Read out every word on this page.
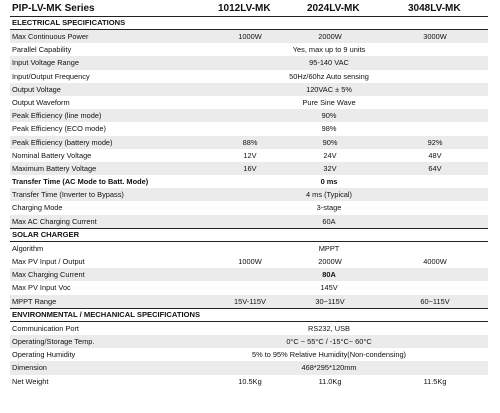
PIP-LV-MK Series	1012LV-MK	2024LV-MK	3048LV-MK
ELECTRICAL SPECIFICATIONS
Max Continuous Power	1000W	2000W	3000W
Parallel Capability	Yes, max up to 9 units
Input Voltage Range	95-140 VAC
Input/Output Frequency	50Hz/60hz Auto sensing
Output Voltage	120VAC ± 5%
Output Waveform	Pure Sine Wave
Peak Efficiency (line mode)	90%
Peak Efficiency (ECO mode)	98%
Peak Efficiency (battery mode)	88%	90%	92%
Nominal Battery Voltage	12V	24V	48V
Maximum Battery Voltage	16V	32V	64V
Transfer Time (AC Mode to Batt. Mode)	0 ms
Transfer Time (Inverter to Bypass)	4 ms (Typical)
Charging Mode	3-stage
Max AC Charging Current	60A
SOLAR CHARGER
Algorithm	MPPT
Max PV Input / Output	1000W	2000W	4000W
Max Charging Current	80A
Max PV Input Voc	145V
MPPT Range	15V-115V	30~115V	60~115V
ENVIRONMENTAL / MECHANICAL SPECIFICATIONS
Communication Port	RS232, USB
Operating/Storage Temp.	0°C ~ 55°C / -15°C~ 60°C
Operating Humidity	5% to 95% Relative Humidity(Non-condensing)
Dimension	468*295*120mm
Net Weight	10.5Kg	11.0Kg	11.5Kg
